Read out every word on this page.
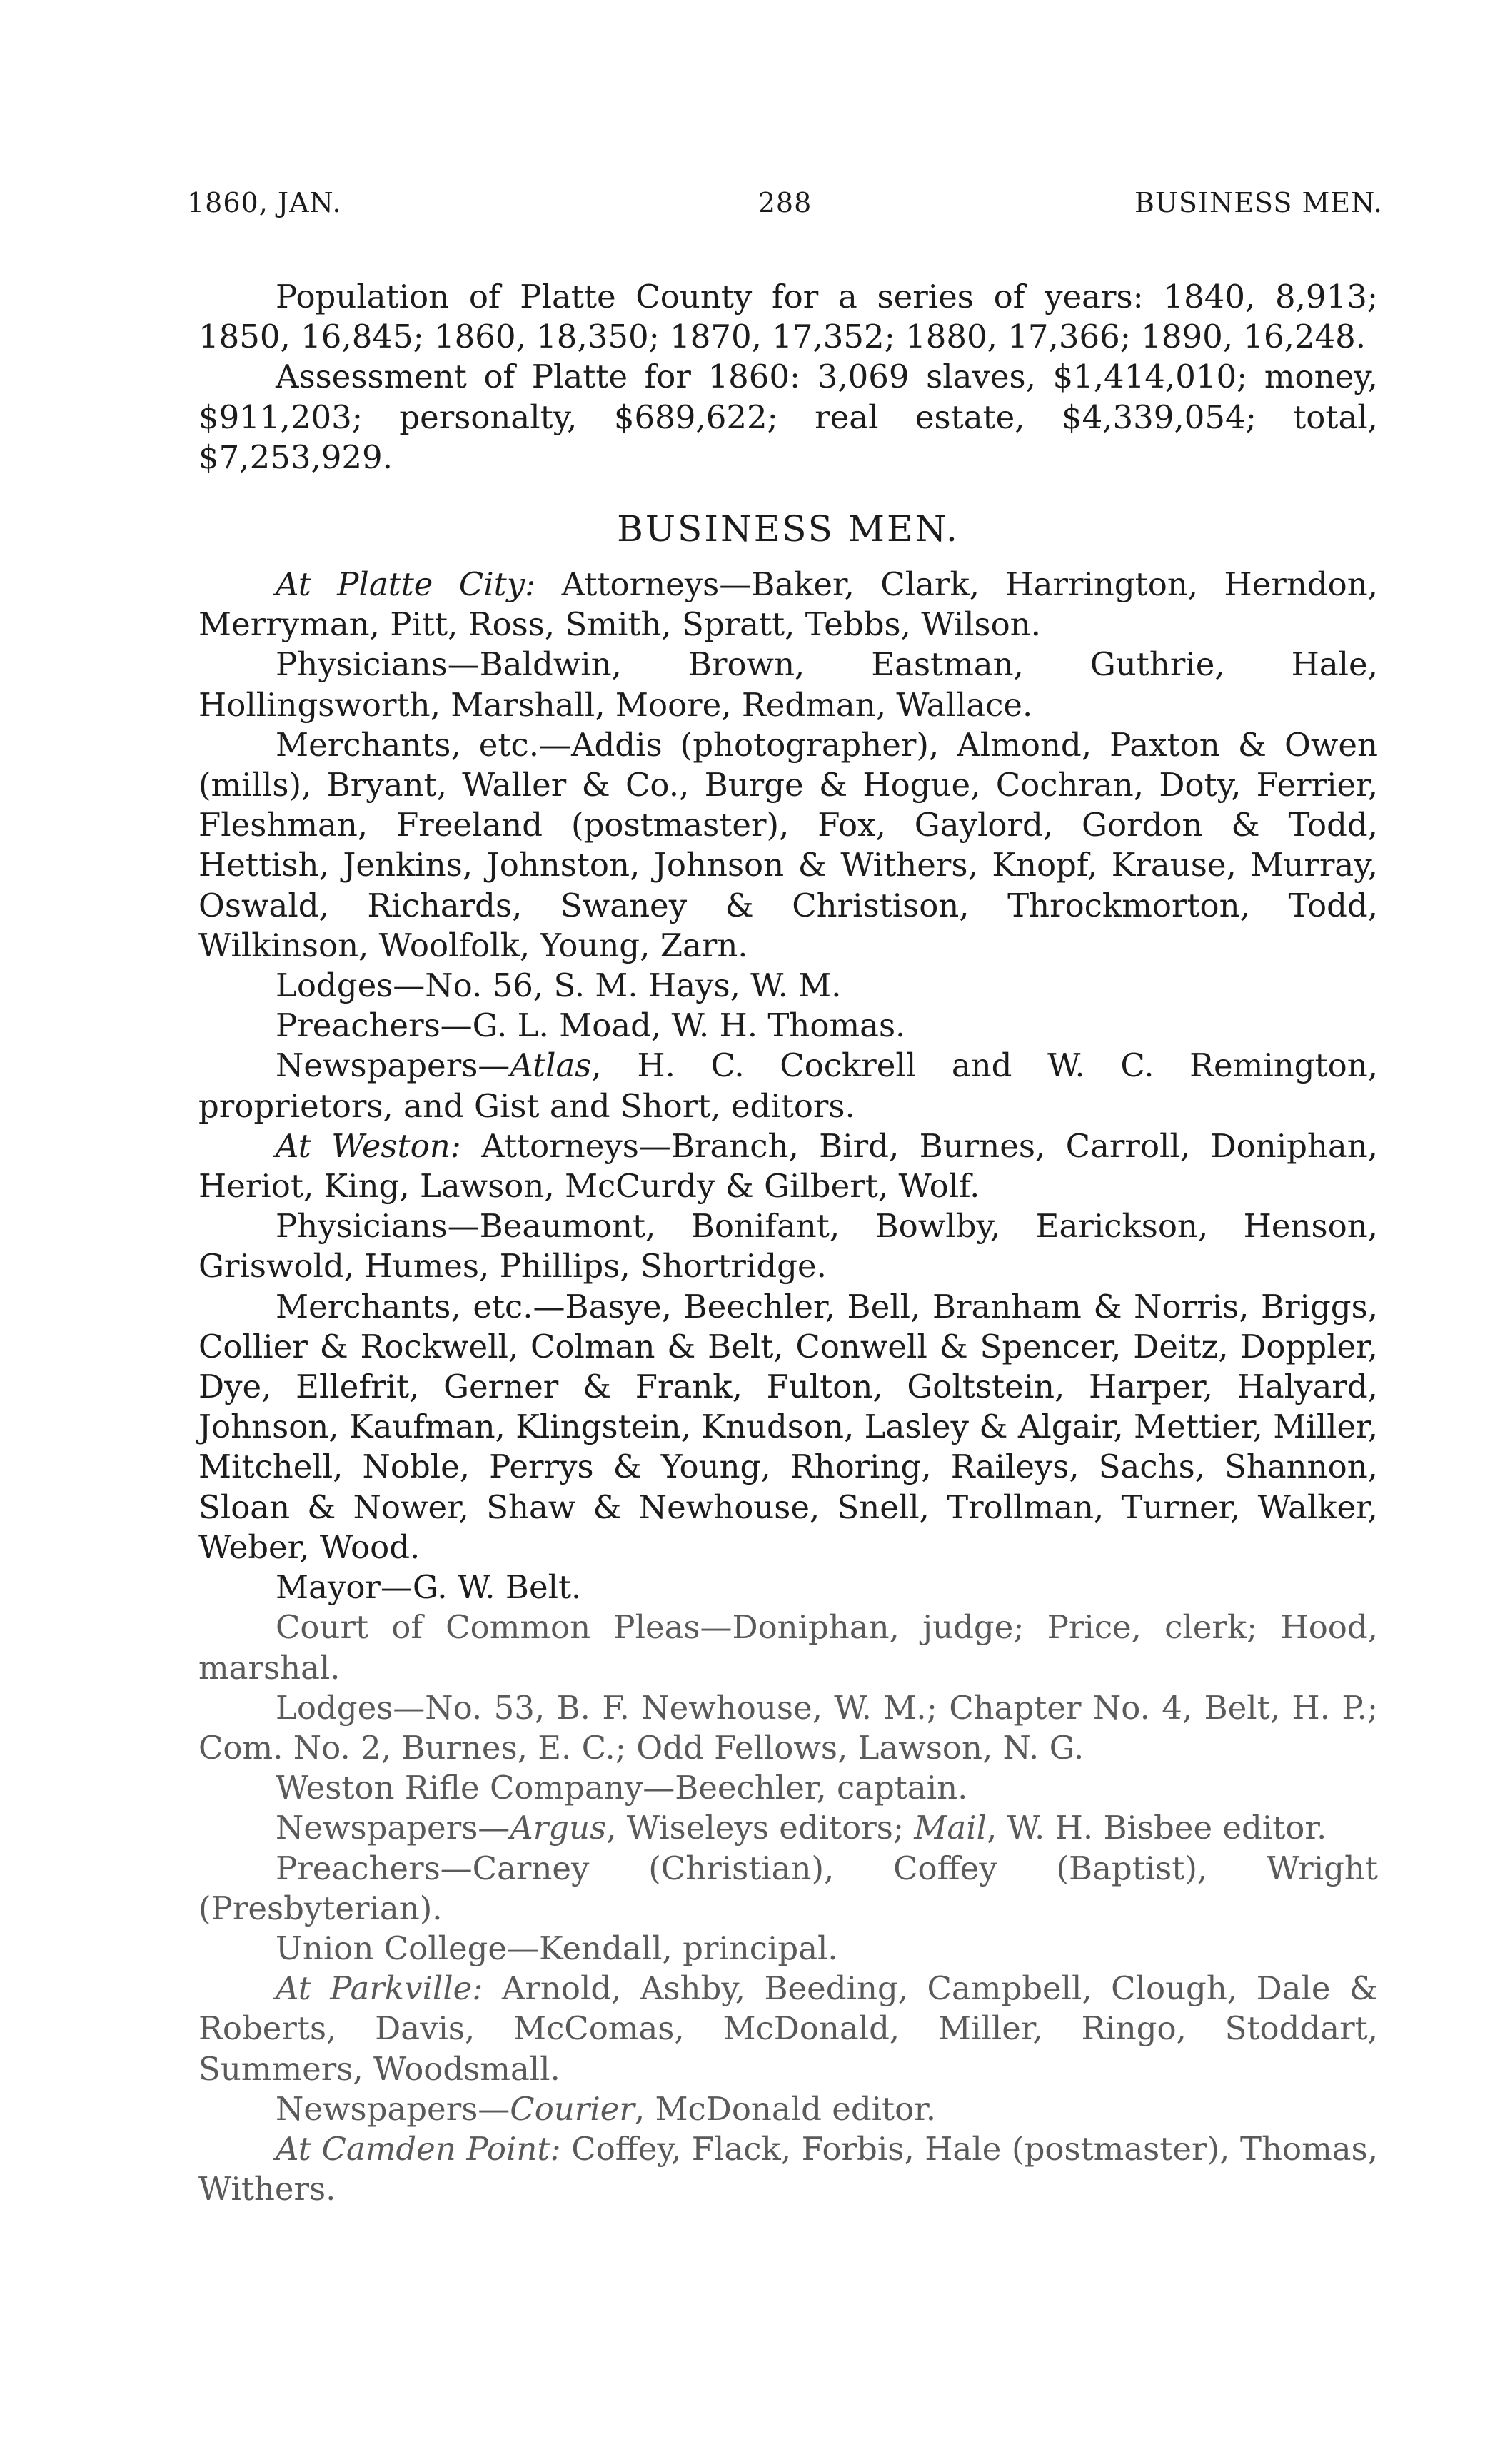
1860, JAN.	288	BUSINESS MEN.

Population of Platte County for a series of years: 1840, 8,913; 1850, 16,845; 1860, 18,350; 1870, 17,352; 1880, 17,366; 1890, 16,248.

Assessment of Platte for 1860: 3,069 slaves, $1,414,010; money, $911,203; personalty, $689,622; real estate, $4,339,054; total, $7,253,929.

BUSINESS MEN.

At Platte City: Attorneys—Baker, Clark, Harrington, Herndon, Merryman, Pitt, Ross, Smith, Spratt, Tebbs, Wilson.

Physicians—Baldwin, Brown, Eastman, Guthrie, Hale, Hollingsworth, Marshall, Moore, Redman, Wallace.

Merchants, etc.—Addis (photographer), Almond, Paxton & Owen (mills), Bryant, Waller & Co., Burge & Hogue, Cochran, Doty, Ferrier, Fleshman, Freeland (postmaster), Fox, Gaylord, Gordon & Todd, Hettish, Jenkins, Johnston, Johnson & Withers, Knopf, Krause, Murray, Oswald, Richards, Swaney & Christison, Throckmorton, Todd, Wilkinson, Woolfolk, Young, Zarn.

Lodges—No. 56, S. M. Hays, W. M.

Preachers—G. L. Moad, W. H. Thomas.

Newspapers—Atlas, H. C. Cockrell and W. C. Remington, proprietors, and Gist and Short, editors.

At Weston: Attorneys—Branch, Bird, Burnes, Carroll, Doniphan, Heriot, King, Lawson, McCurdy & Gilbert, Wolf.

Physicians—Beaumont, Bonifant, Bowlby, Earickson, Henson, Griswold, Humes, Phillips, Shortridge.

Merchants, etc.—Basye, Beechler, Bell, Branham & Norris, Briggs, Collier & Rockwell, Colman & Belt, Conwell & Spencer, Deitz, Doppler, Dye, Ellefrit, Gerner & Frank, Fulton, Goltstein, Harper, Halyard, Johnson, Kaufman, Klingstein, Knudson, Lasley & Algair, Mettier, Miller, Mitchell, Noble, Perrys & Young, Rhoring, Raileys, Sachs, Shannon, Sloan & Nower, Shaw & Newhouse, Snell, Trollman, Turner, Walker, Weber, Wood.

Mayor—G. W. Belt.

Court of Common Pleas—Doniphan, judge; Price, clerk; Hood, marshal.

Lodges—No. 53, B. F. Newhouse, W. M.; Chapter No. 4, Belt, H. P.; Com. No. 2, Burnes, E. C.; Odd Fellows, Lawson, N. G.

Weston Rifle Company—Beechler, captain.

Newspapers—Argus, Wiseleys editors; Mail, W. H. Bisbee editor.

Preachers—Carney (Christian), Coffey (Baptist), Wright (Presbyterian).

Union College—Kendall, principal.

At Parkville: Arnold, Ashby, Beeding, Campbell, Clough, Dale & Roberts, Davis, McComas, McDonald, Miller, Ringo, Stoddart, Summers, Woodsmall.

Newspapers—Courier, McDonald editor.

At Camden Point: Coffey, Flack, Forbis, Hale (postmaster), Thomas, Withers.
